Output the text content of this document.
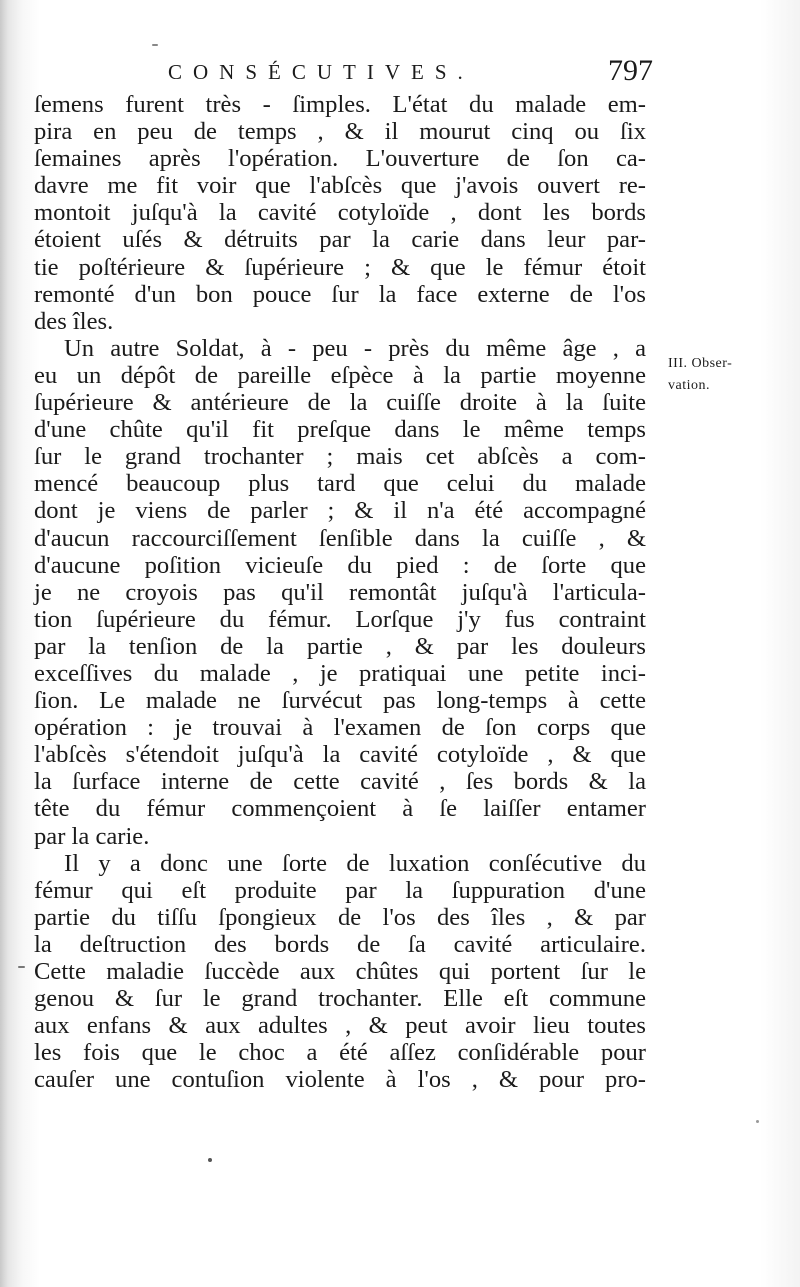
CONSÉCUTIVES.	797
ſemens furent très - ſimples. L'état du malade em-
pira en peu de temps , & il mourut cinq ou ſix
ſemaines après l'opération. L'ouverture de ſon ca-
davre me fit voir que l'abſcès que j'avois ouvert re-
montoit juſqu'à la cavité cotyloïde , dont les bords
étoient uſés & détruits par la carie dans leur par-
tie poſtérieure & ſupérieure ; & que le fémur étoit
remonté d'un bon pouce ſur la face externe de l'os
des îles.
Un autre Soldat, à - peu - près du même âge , a
eu un dépôt de pareille eſpèce à la partie moyenne
ſupérieure & antérieure de la cuiſſe droite à la ſuite
d'une chûte qu'il fit preſque dans le même temps
ſur le grand trochanter ; mais cet abſcès a com-
mencé beaucoup plus tard que celui du malade
dont je viens de parler ; & il n'a été accompagné
d'aucun raccourciſſement ſenſible dans la cuiſſe , &
d'aucune poſition vicieuſe du pied : de ſorte que
je ne croyois pas qu'il remontât juſqu'à l'articula-
tion ſupérieure du fémur. Lorſque j'y fus contraint
par la tenſion de la partie , & par les douleurs
exceſſives du malade , je pratiquai une petite inci-
ſion. Le malade ne ſurvécut pas long-temps à cette
opération : je trouvai à l'examen de ſon corps que
l'abſcès s'étendoit juſqu'à la cavité cotyloïde , & que
la ſurface interne de cette cavité , ſes bords & la
tête du fémur commençoient à ſe laiſſer entamer
par la carie.
Il y a donc une ſorte de luxation conſécutive du
fémur qui eſt produite par la ſuppuration d'une
partie du tiſſu ſpongieux de l'os des îles , & par
la deſtruction des bords de ſa cavité articulaire.
Cette maladie ſuccède aux chûtes qui portent ſur le
genou & ſur le grand trochanter. Elle eſt commune
aux enfans & aux adultes , & peut avoir lieu toutes
les fois que le choc a été aſſez conſidérable pour
cauſer une contuſion violente à l'os , & pour pro-
III. Obser-
vation.
